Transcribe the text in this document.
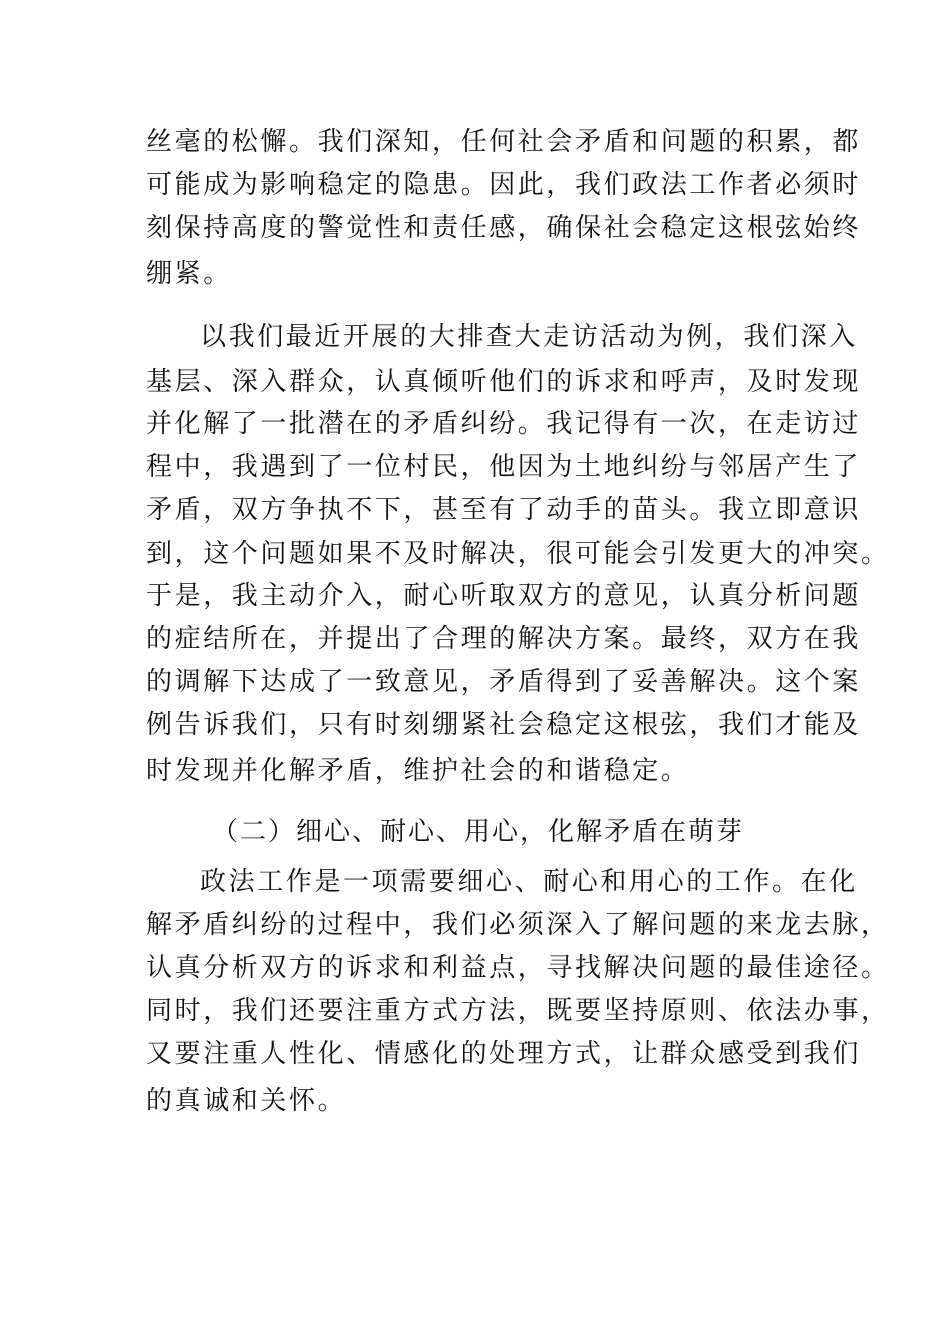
丝毫的松懈。我们深知，任何社会矛盾和问题的积累，都
可能成为影响稳定的隐患。因此，我们政法工作者必须时
刻保持高度的警觉性和责任感，确保社会稳定这根弦始终
绷紧。
以我们最近开展的大排查大走访活动为例，我们深入
基层、深入群众，认真倾听他们的诉求和呼声，及时发现
并化解了一批潜在的矛盾纠纷。我记得有一次，在走访过
程中，我遇到了一位村民，他因为土地纠纷与邻居产生了
矛盾，双方争执不下，甚至有了动手的苗头。我立即意识
到，这个问题如果不及时解决，很可能会引发更大的冲突。
于是，我主动介入，耐心听取双方的意见，认真分析问题
的症结所在，并提出了合理的解决方案。最终，双方在我
的调解下达成了一致意见，矛盾得到了妥善解决。这个案
例告诉我们，只有时刻绷紧社会稳定这根弦，我们才能及
时发现并化解矛盾，维护社会的和谐稳定。
（二）细心、耐心、用心，化解矛盾在萌芽
政法工作是一项需要细心、耐心和用心的工作。在化
解矛盾纠纷的过程中，我们必须深入了解问题的来龙去脉，
认真分析双方的诉求和利益点，寻找解决问题的最佳途径。
同时，我们还要注重方式方法，既要坚持原则、依法办事，
又要注重人性化、情感化的处理方式，让群众感受到我们
的真诚和关怀。
